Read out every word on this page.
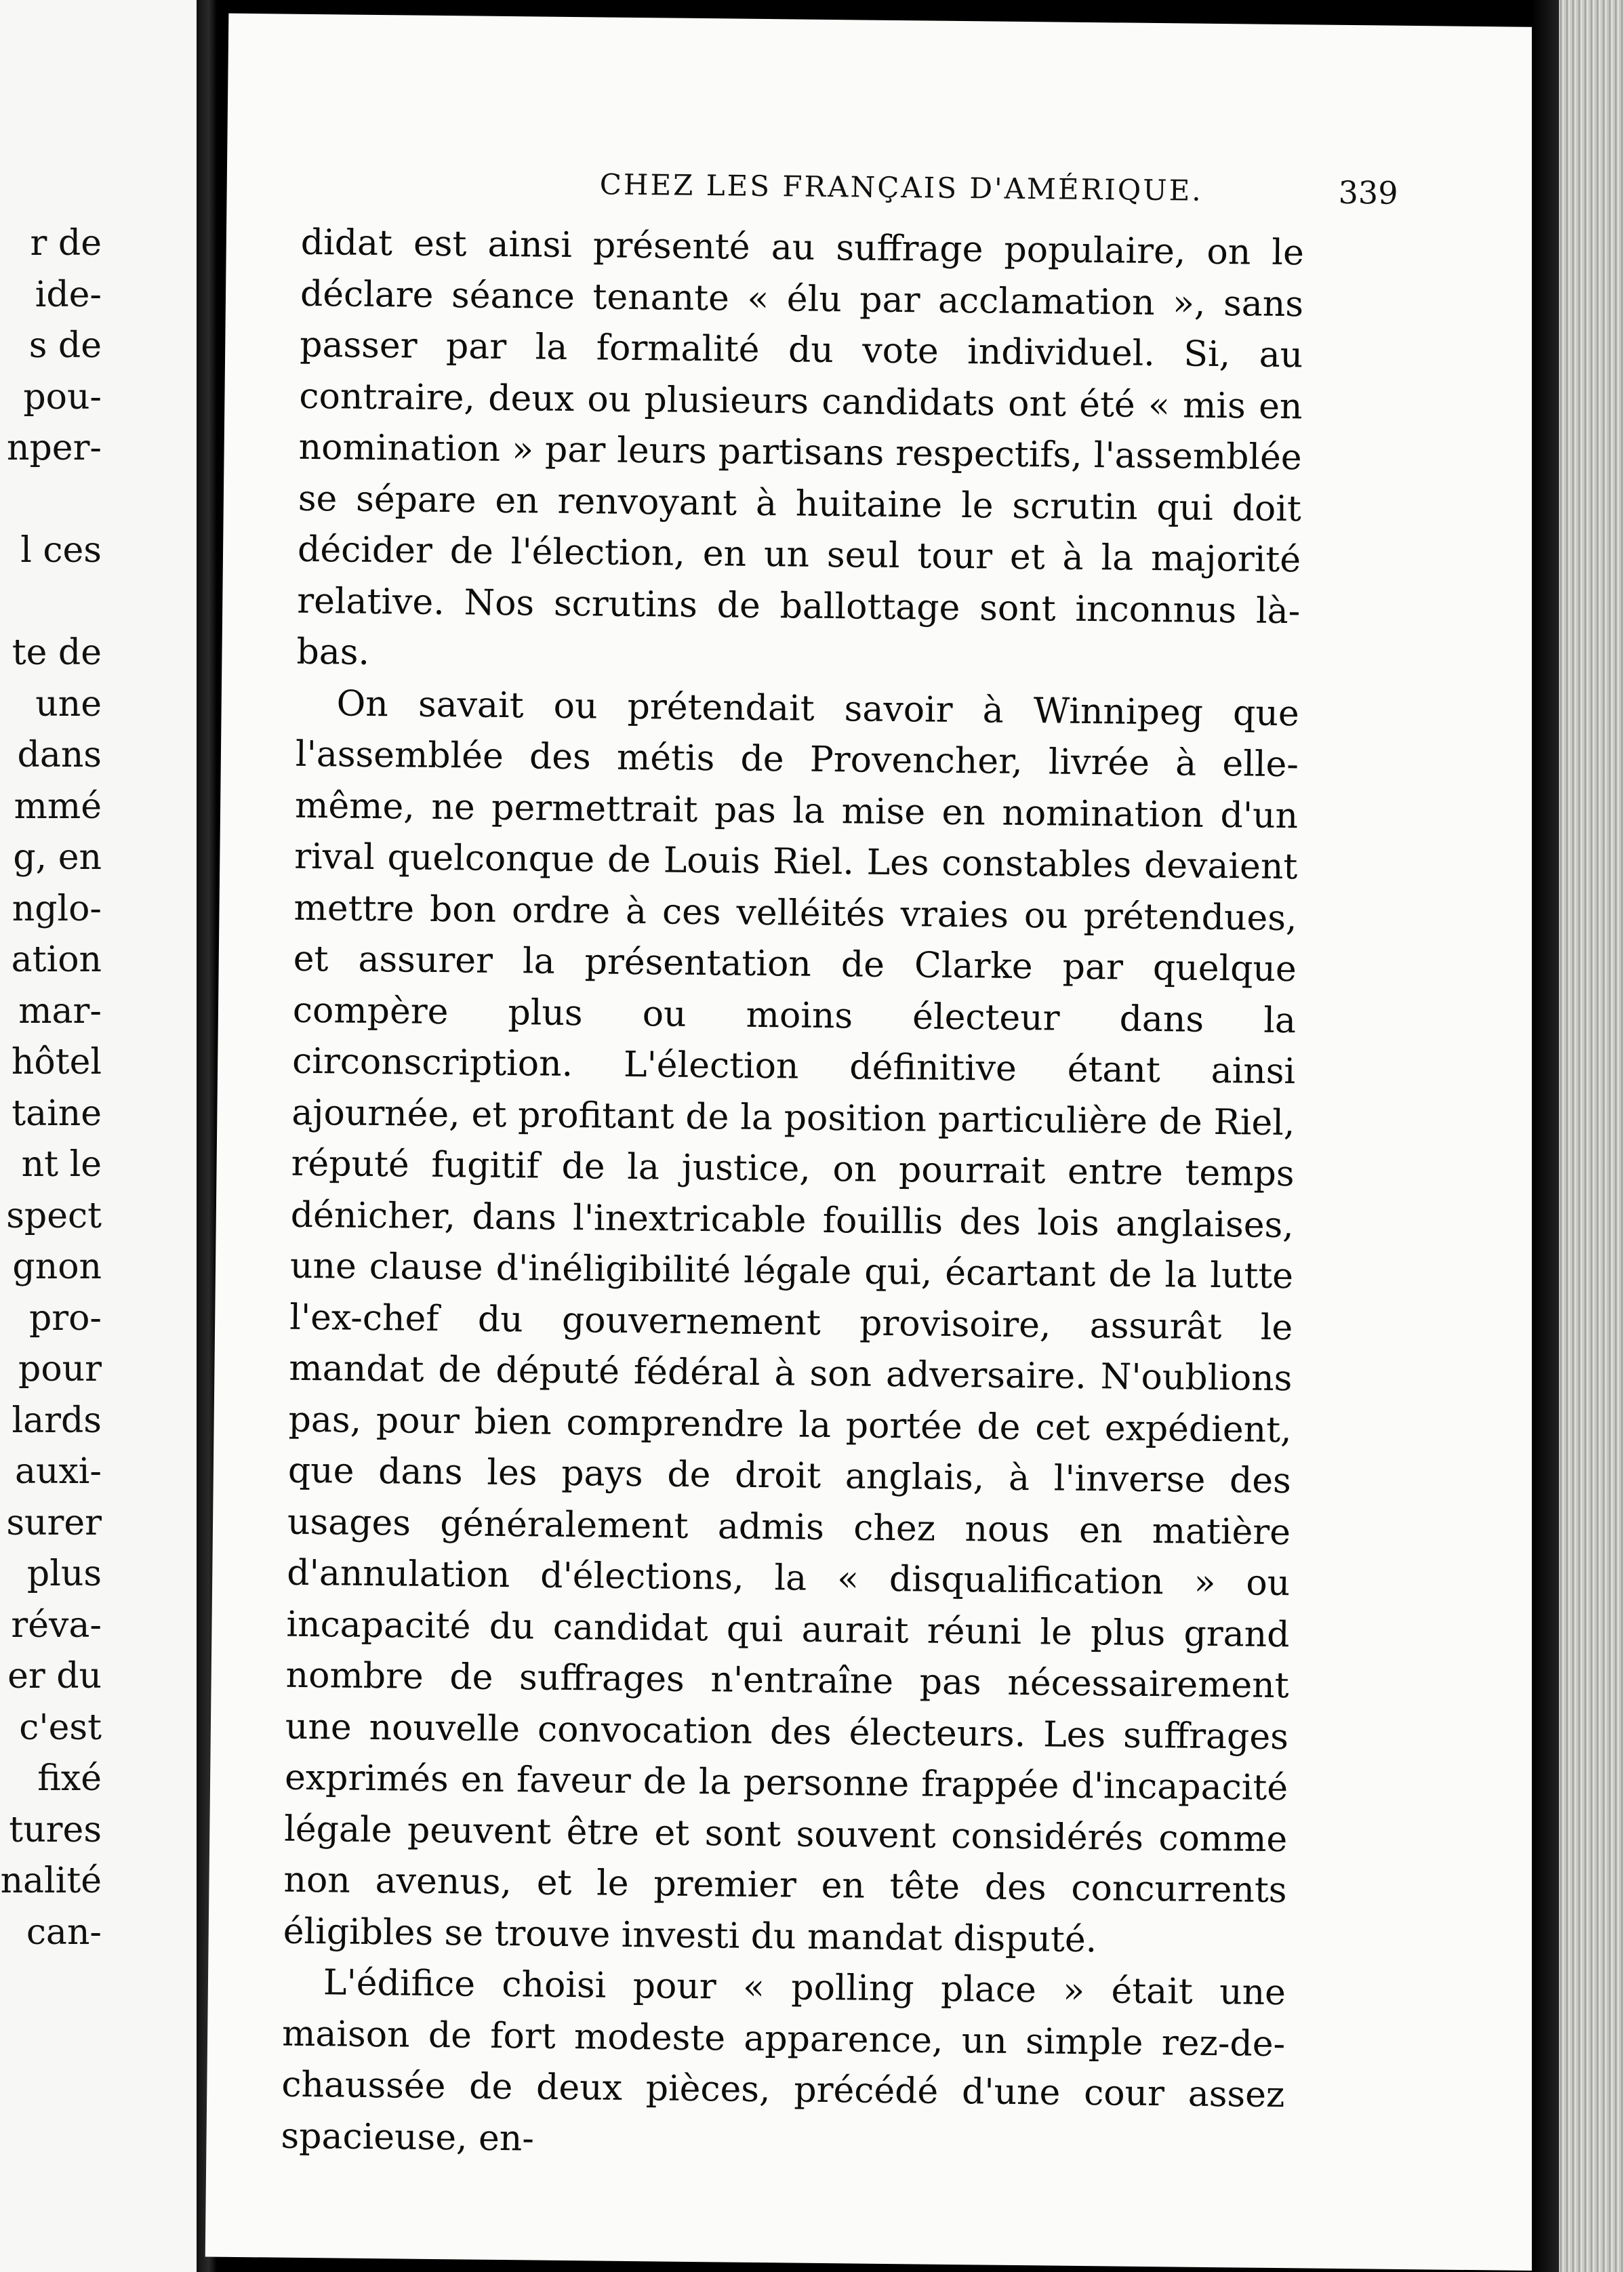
r de
ide-
s de
pou-
nper-
l ces
te de
une
dans
mmé
g, en
nglo-
ation
mar-
hôtel
taine
nt le
spect
gnon
pro-
pour
lards
auxi-
surer
plus
réva-
er du
c'est
fixé
tures
nalité
can-
CHEZ LES FRANÇAIS D'AMÉRIQUE.	339

didat est ainsi présenté au suffrage populaire, on le déclare séance tenante « élu par acclamation », sans passer par la formalité du vote individuel. Si, au contraire, deux ou plusieurs candidats ont été « mis en nomination » par leurs partisans respectifs, l'assemblée se sépare en renvoyant à huitaine le scrutin qui doit décider de l'élection, en un seul tour et à la majorité relative. Nos scrutins de ballottage sont inconnus là-bas.

On savait ou prétendait savoir à Winnipeg que l'assemblée des métis de Provencher, livrée à elle-même, ne permettrait pas la mise en nomination d'un rival quelconque de Louis Riel. Les constables devaient mettre bon ordre à ces velléités vraies ou prétendues, et assurer la présentation de Clarke par quelque compère plus ou moins électeur dans la circonscription. L'élection définitive étant ainsi ajournée, et profitant de la position particulière de Riel, réputé fugitif de la justice, on pourrait entre temps dénicher, dans l'inextricable fouillis des lois anglaises, une clause d'inéligibilité légale qui, écartant de la lutte l'ex-chef du gouvernement provisoire, assurât le mandat de député fédéral à son adversaire. N'oublions pas, pour bien comprendre la portée de cet expédient, que dans les pays de droit anglais, à l'inverse des usages généralement admis chez nous en matière d'annulation d'élections, la « disqualification » ou incapacité du candidat qui aurait réuni le plus grand nombre de suffrages n'entraîne pas nécessairement une nouvelle convocation des électeurs. Les suffrages exprimés en faveur de la personne frappée d'incapacité légale peuvent être et sont souvent considérés comme non avenus, et le premier en tête des concurrents éligibles se trouve investi du mandat disputé.

L'édifice choisi pour « polling place » était une maison de fort modeste apparence, un simple rez-de-chaussée de deux pièces, précédé d'une cour assez spacieuse, en-
